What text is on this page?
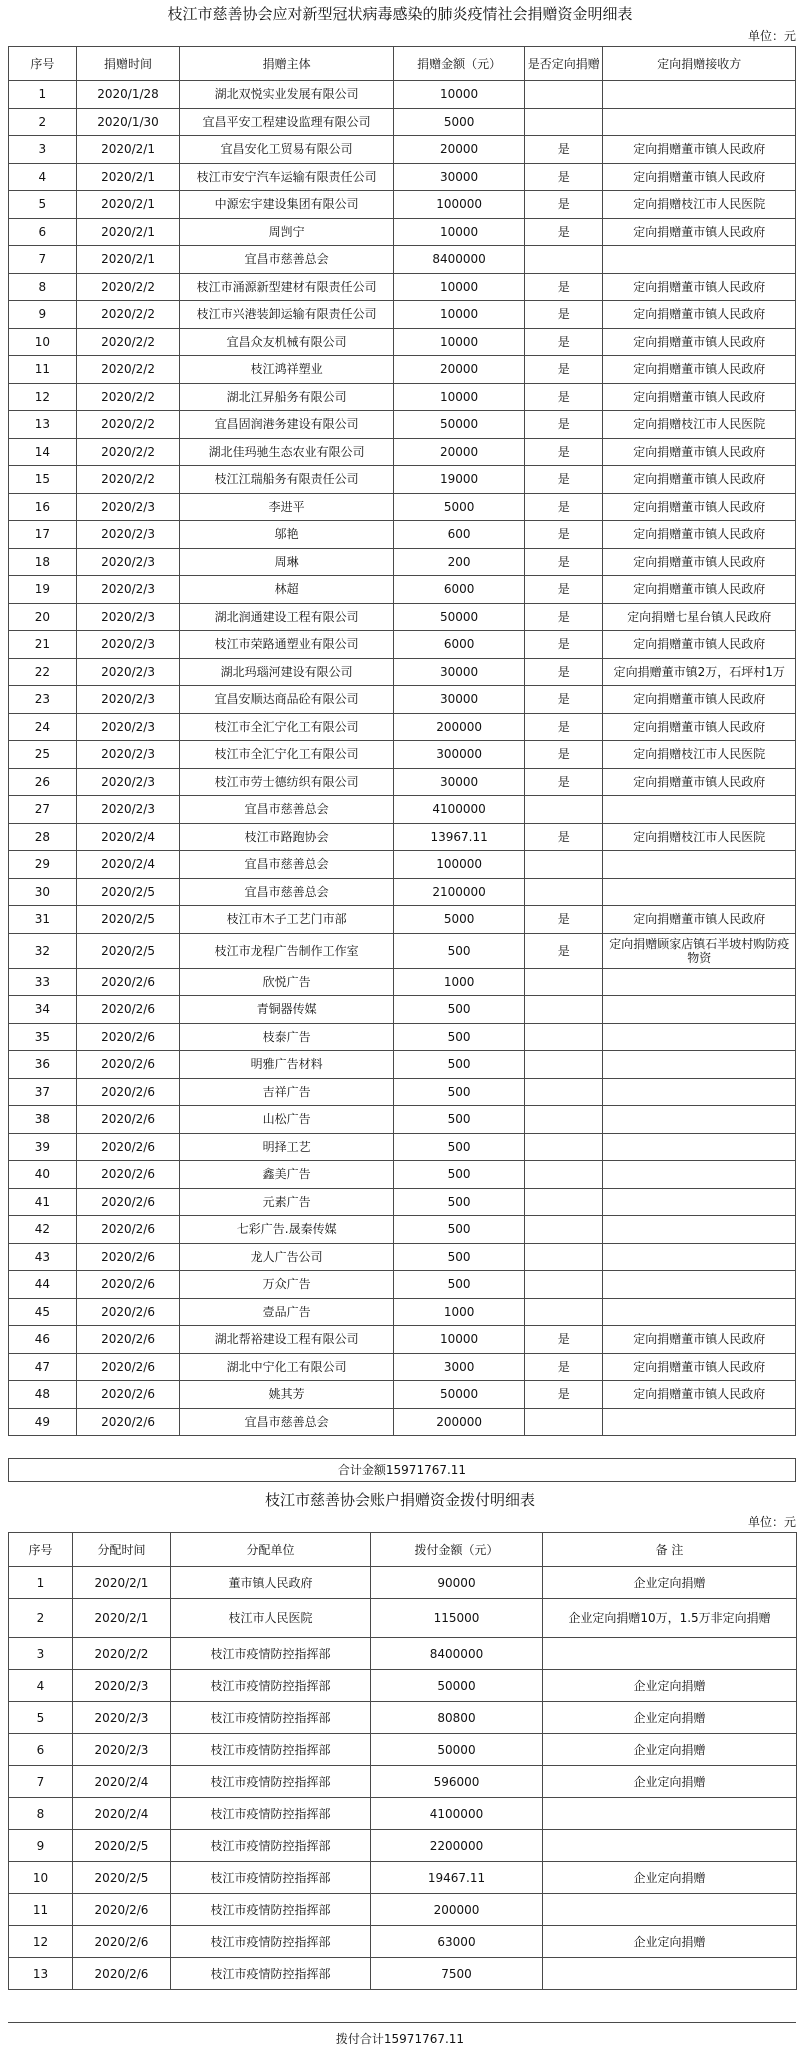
枝江市慈善协会应对新型冠状病毒感染的肺炎疫情社会捐赠资金明细表
单位：元
序号	捐赠时间	捐赠主体	捐赠金额（元）	是否定向捐赠	定向捐赠接收方
1	2020/1/28	湖北双悦实业发展有限公司	10000		
2	2020/1/30	宜昌平安工程建设监理有限公司	5000		
3	2020/2/1	宜昌安化工贸易有限公司	20000	是	定向捐赠董市镇人民政府
4	2020/2/1	枝江市安宁汽车运输有限责任公司	30000	是	定向捐赠董市镇人民政府
5	2020/2/1	中源宏宇建设集团有限公司	100000	是	定向捐赠枝江市人民医院
6	2020/2/1	周剀宁	10000	是	定向捐赠董市镇人民政府
7	2020/2/1	宜昌市慈善总会	8400000		
8	2020/2/2	枝江市涌源新型建材有限责任公司	10000	是	定向捐赠董市镇人民政府
9	2020/2/2	枝江市兴港装卸运输有限责任公司	10000	是	定向捐赠董市镇人民政府
10	2020/2/2	宜昌众友机械有限公司	10000	是	定向捐赠董市镇人民政府
11	2020/2/2	枝江鸿祥塑业	20000	是	定向捐赠董市镇人民政府
12	2020/2/2	湖北江昇船务有限公司	10000	是	定向捐赠董市镇人民政府
13	2020/2/2	宜昌固润港务建设有限公司	50000	是	定向捐赠枝江市人民医院
14	2020/2/2	湖北佳玛驰生态农业有限公司	20000	是	定向捐赠董市镇人民政府
15	2020/2/2	枝江江瑞船务有限责任公司	19000	是	定向捐赠董市镇人民政府
16	2020/2/3	李进平	5000	是	定向捐赠董市镇人民政府
17	2020/2/3	邬艳	600	是	定向捐赠董市镇人民政府
18	2020/2/3	周琳	200	是	定向捐赠董市镇人民政府
19	2020/2/3	林超	6000	是	定向捐赠董市镇人民政府
20	2020/2/3	湖北润通建设工程有限公司	50000	是	定向捐赠七星台镇人民政府
21	2020/2/3	枝江市荣路通塑业有限公司	6000	是	定向捐赠董市镇人民政府
22	2020/2/3	湖北玛瑙河建设有限公司	30000	是	定向捐赠董市镇2万，石坪村1万
23	2020/2/3	宜昌安顺达商品砼有限公司	30000	是	定向捐赠董市镇人民政府
24	2020/2/3	枝江市全汇宁化工有限公司	200000	是	定向捐赠董市镇人民政府
25	2020/2/3	枝江市全汇宁化工有限公司	300000	是	定向捐赠枝江市人民医院
26	2020/2/3	枝江市劳士德纺织有限公司	30000	是	定向捐赠董市镇人民政府
27	2020/2/3	宜昌市慈善总会	4100000		
28	2020/2/4	枝江市路跑协会	13967.11	是	定向捐赠枝江市人民医院
29	2020/2/4	宜昌市慈善总会	100000		
30	2020/2/5	宜昌市慈善总会	2100000		
31	2020/2/5	枝江市木子工艺门市部	5000	是	定向捐赠董市镇人民政府
32	2020/2/5	枝江市龙程广告制作工作室	500	是	定向捐赠顾家店镇石半坡村购防疫物资
33	2020/2/6	欣悦广告	1000		
34	2020/2/6	青铜器传媒	500		
35	2020/2/6	枝泰广告	500		
36	2020/2/6	明雅广告材料	500		
37	2020/2/6	吉祥广告	500		
38	2020/2/6	山松广告	500		
39	2020/2/6	明择工艺	500		
40	2020/2/6	鑫美广告	500		
41	2020/2/6	元素广告	500		
42	2020/2/6	七彩广告.晟秦传媒	500		
43	2020/2/6	龙人广告公司	500		
44	2020/2/6	万众广告	500		
45	2020/2/6	壹品广告	1000		
46	2020/2/6	湖北帮裕建设工程有限公司	10000	是	定向捐赠董市镇人民政府
47	2020/2/6	湖北中宁化工有限公司	3000	是	定向捐赠董市镇人民政府
48	2020/2/6	姚其芳	50000	是	定向捐赠董市镇人民政府
49	2020/2/6	宜昌市慈善总会	200000		
合计金额15971767.11
枝江市慈善协会账户捐赠资金拨付明细表
单位：元
序号	分配时间	分配单位	拨付金额（元）	备 注
1	2020/2/1	董市镇人民政府	90000	企业定向捐赠
2	2020/2/1	枝江市人民医院	115000	企业定向捐赠10万，1.5万非定向捐赠
3	2020/2/2	枝江市疫情防控指挥部	8400000	
4	2020/2/3	枝江市疫情防控指挥部	50000	企业定向捐赠
5	2020/2/3	枝江市疫情防控指挥部	80800	企业定向捐赠
6	2020/2/3	枝江市疫情防控指挥部	50000	企业定向捐赠
7	2020/2/4	枝江市疫情防控指挥部	596000	企业定向捐赠
8	2020/2/4	枝江市疫情防控指挥部	4100000	
9	2020/2/5	枝江市疫情防控指挥部	2200000	
10	2020/2/5	枝江市疫情防控指挥部	19467.11	企业定向捐赠
11	2020/2/6	枝江市疫情防控指挥部	200000	
12	2020/2/6	枝江市疫情防控指挥部	63000	企业定向捐赠
13	2020/2/6	枝江市疫情防控指挥部	7500	
拨付合计15971767.11
